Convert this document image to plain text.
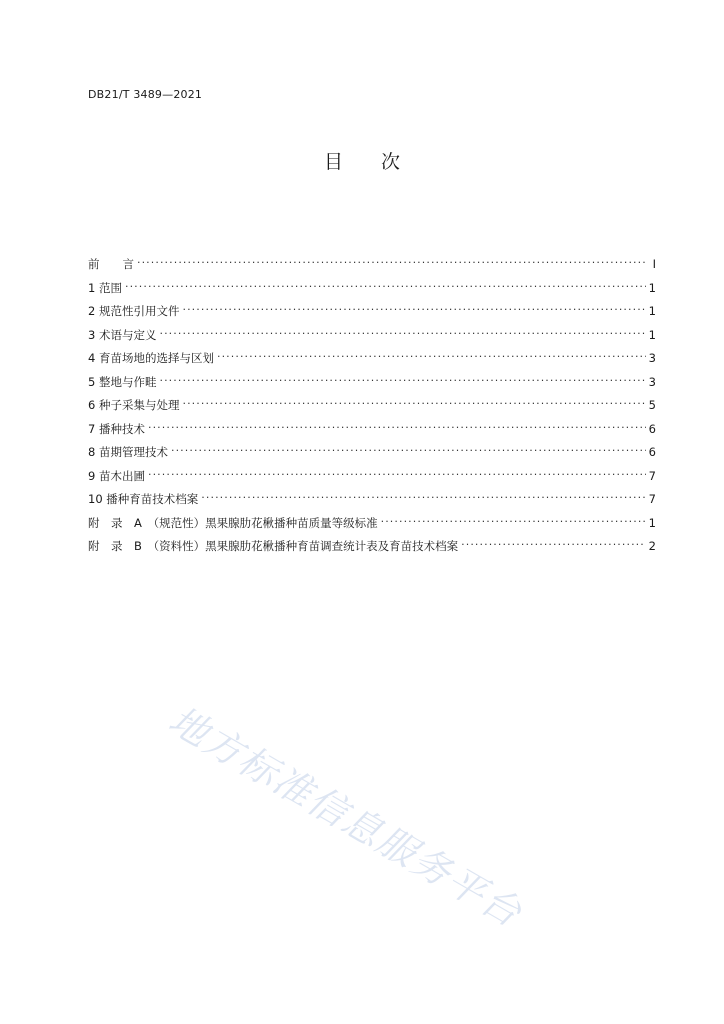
DB21/T 3489—2021
目次
前　　言 . . .	I
1 范围 . . .	1
2 规范性引用文件 . . .	1
3 术语与定义 . . .	1
4 育苗场地的选择与区划 . . .	3
5 整地与作畦 . . .	3
6 种子采集与处理 . . .	5
7 播种技术 . . .	6
8 苗期管理技术 . . .	6
9 苗木出圃 . . .	7
10 播种育苗技术档案 . . .	7
附　录　A　（规范性）黑果腺肋花楸播种苗质量等级标准 . . .	1
附　录　B　（资料性）黑果腺肋花楸播种育苗调查统计表及育苗技术档案 . . .	2
地方标准信息服务平台
